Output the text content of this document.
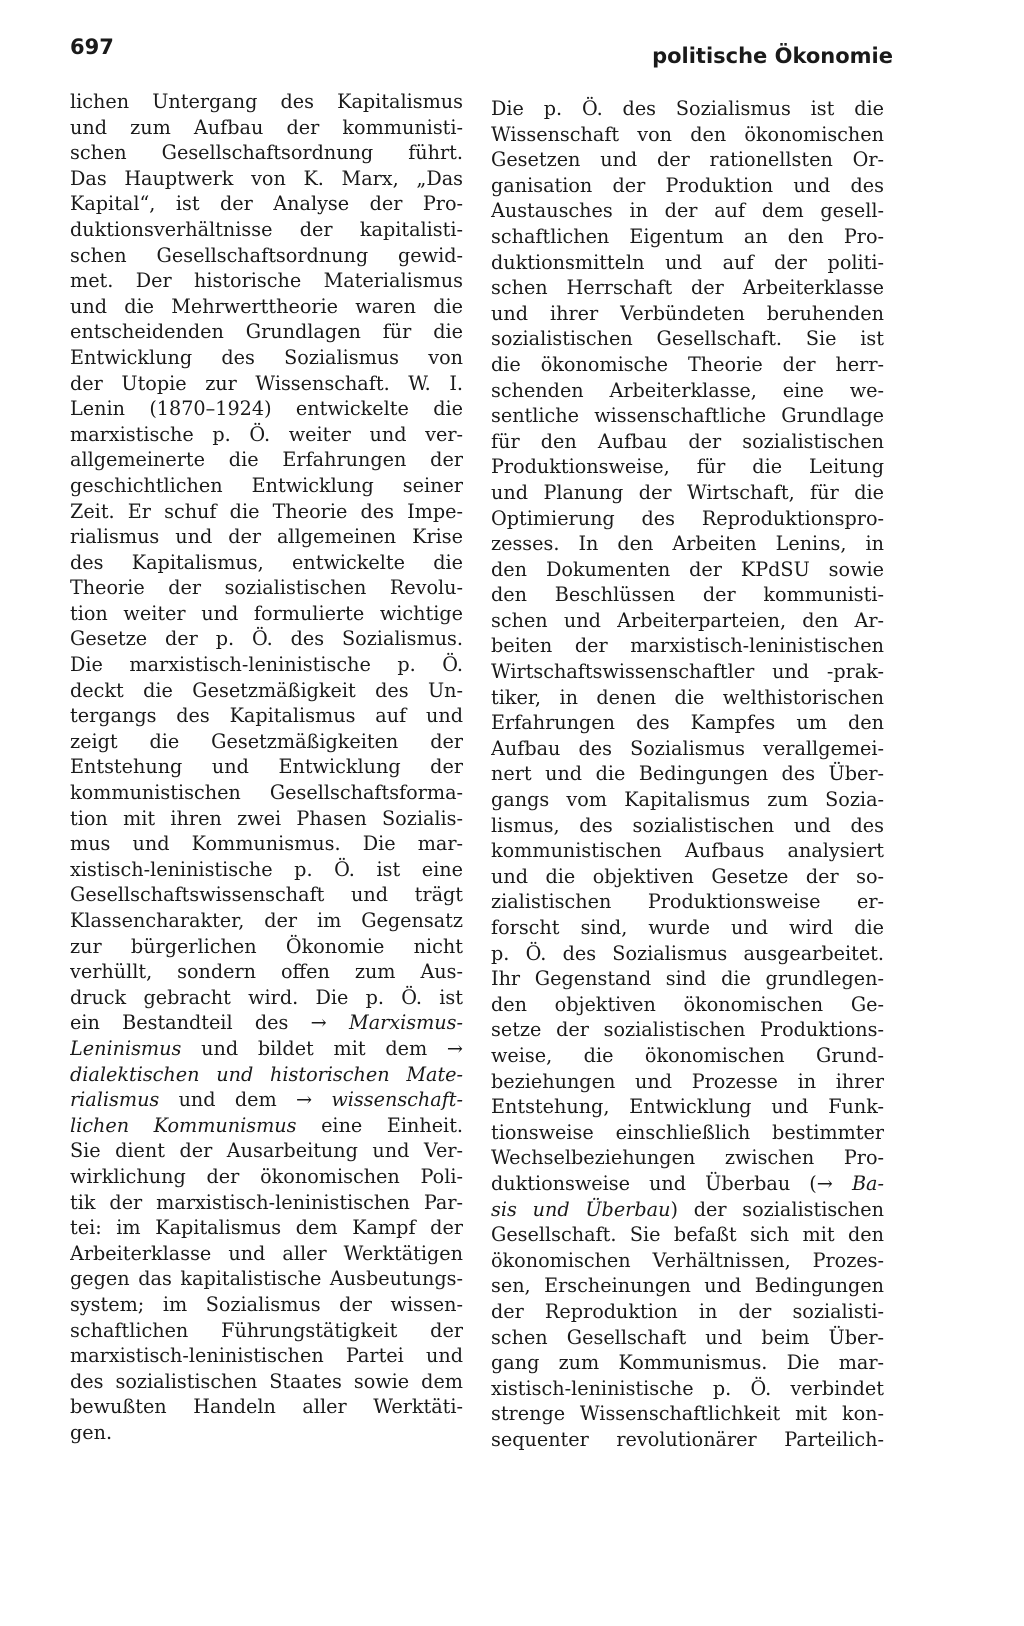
697	politische Ökonomie
lichen Untergang des Kapitalismus
und zum Aufbau der kommunisti-
schen Gesellschaftsordnung führt.
Das Hauptwerk von K. Marx, „Das
Kapital“, ist der Analyse der Pro-
duktionsverhältnisse der kapitalisti-
schen Gesellschaftsordnung gewid-
met. Der historische Materialismus
und die Mehrwerttheorie waren die
entscheidenden Grundlagen für die
Entwicklung des Sozialismus von
der Utopie zur Wissenschaft. W. I.
Lenin (1870–1924) entwickelte die
marxistische p. Ö. weiter und ver-
allgemeinerte die Erfahrungen der
geschichtlichen Entwicklung seiner
Zeit. Er schuf die Theorie des Impe-
rialismus und der allgemeinen Krise
des Kapitalismus, entwickelte die
Theorie der sozialistischen Revolu-
tion weiter und formulierte wichtige
Gesetze der p. Ö. des Sozialismus.
Die marxistisch-leninistische p. Ö.
deckt die Gesetzmäßigkeit des Un-
tergangs des Kapitalismus auf und
zeigt die Gesetzmäßigkeiten der
Entstehung und Entwicklung der
kommunistischen Gesellschaftsforma-
tion mit ihren zwei Phasen Sozialis-
mus und Kommunismus. Die mar-
xistisch-leninistische p. Ö. ist eine
Gesellschaftswissenschaft und trägt
Klassencharakter, der im Gegensatz
zur bürgerlichen Ökonomie nicht
verhüllt, sondern offen zum Aus-
druck gebracht wird. Die p. Ö. ist
ein Bestandteil des → Marxismus-
Leninismus und bildet mit dem →
dialektischen und historischen Mate-
rialismus und dem → wissenschaft-
lichen Kommunismus eine Einheit.
Sie dient der Ausarbeitung und Ver-
wirklichung der ökonomischen Poli-
tik der marxistisch-leninistischen Par-
tei: im Kapitalismus dem Kampf der
Arbeiterklasse und aller Werktätigen
gegen das kapitalistische Ausbeutungs-
system; im Sozialismus der wissen-
schaftlichen Führungstätigkeit der
marxistisch-leninistischen Partei und
des sozialistischen Staates sowie dem
bewußten Handeln aller Werktäti-
gen.
Die p. Ö. des Sozialismus ist die
Wissenschaft von den ökonomischen
Gesetzen und der rationellsten Or-
ganisation der Produktion und des
Austausches in der auf dem gesell-
schaftlichen Eigentum an den Pro-
duktionsmitteln und auf der politi-
schen Herrschaft der Arbeiterklasse
und ihrer Verbündeten beruhenden
sozialistischen Gesellschaft. Sie ist
die ökonomische Theorie der herr-
schenden Arbeiterklasse, eine we-
sentliche wissenschaftliche Grundlage
für den Aufbau der sozialistischen
Produktionsweise, für die Leitung
und Planung der Wirtschaft, für die
Optimierung des Reproduktionspro-
zesses. In den Arbeiten Lenins, in
den Dokumenten der KPdSU sowie
den Beschlüssen der kommunisti-
schen und Arbeiterparteien, den Ar-
beiten der marxistisch-leninistischen
Wirtschaftswissenschaftler und -prak-
tiker, in denen die welthistorischen
Erfahrungen des Kampfes um den
Aufbau des Sozialismus verallgemei-
nert und die Bedingungen des Über-
gangs vom Kapitalismus zum Sozia-
lismus, des sozialistischen und des
kommunistischen Aufbaus analysiert
und die objektiven Gesetze der so-
zialistischen Produktionsweise er-
forscht sind, wurde und wird die
p. Ö. des Sozialismus ausgearbeitet.
Ihr Gegenstand sind die grundlegen-
den objektiven ökonomischen Ge-
setze der sozialistischen Produktions-
weise, die ökonomischen Grund-
beziehungen und Prozesse in ihrer
Entstehung, Entwicklung und Funk-
tionsweise einschließlich bestimmter
Wechselbeziehungen zwischen Pro-
duktionsweise und Überbau (→ Ba-
sis und Überbau) der sozialistischen
Gesellschaft. Sie befaßt sich mit den
ökonomischen Verhältnissen, Prozes-
sen, Erscheinungen und Bedingungen
der Reproduktion in der sozialisti-
schen Gesellschaft und beim Über-
gang zum Kommunismus. Die mar-
xistisch-leninistische p. Ö. verbindet
strenge Wissenschaftlichkeit mit kon-
sequenter revolutionärer Parteilich-
